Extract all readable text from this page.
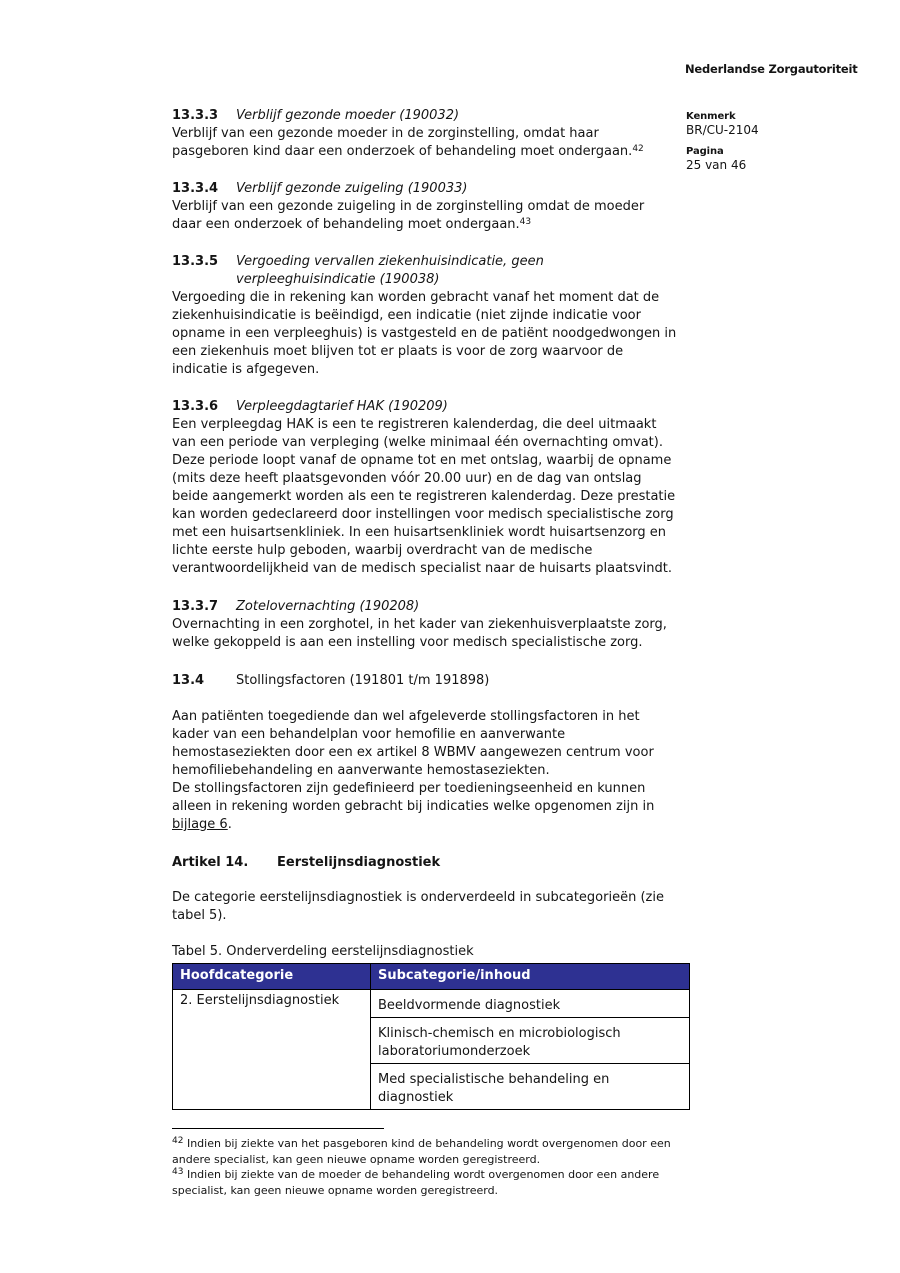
Nederlandse Zorgautoriteit
Kenmerk
BR/CU-2104
Pagina
25 van 46
13.3.3	Verblijf gezonde moeder (190032)

Verblijf van een gezonde moeder in de zorginstelling, omdat haar pasgeboren kind daar een onderzoek of behandeling moet ondergaan.$^{42}$

13.3.4	Verblijf gezonde zuigeling (190033)

Verblijf van een gezonde zuigeling in de zorginstelling omdat de moeder daar een onderzoek of behandeling moet ondergaan.$^{43}$

13.3.5	Vergoeding vervallen ziekenhuisindicatie, geen verpleeghuisindicatie (190038)

Vergoeding die in rekening kan worden gebracht vanaf het moment dat de ziekenhuisindicatie is beëindigd, een indicatie (niet zijnde indicatie voor opname in een verpleeghuis) is vastgesteld en de patiënt noodgedwongen in een ziekenhuis moet blijven tot er plaats is voor de zorg waarvoor de indicatie is afgegeven.

13.3.6	Verpleegdagtarief HAK (190209)

Een verpleegdag HAK is een te registreren kalenderdag, die deel uitmaakt van een periode van verpleging (welke minimaal één overnachting omvat). Deze periode loopt vanaf de opname tot en met ontslag, waarbij de opname (mits deze heeft plaatsgevonden vóór 20.00 uur) en de dag van ontslag beide aangemerkt worden als een te registreren kalenderdag. Deze prestatie kan worden gedeclareerd door instellingen voor medisch specialistische zorg met een huisartsenkliniek. In een huisartsenkliniek wordt huisartsenzorg en lichte eerste hulp geboden, waarbij overdracht van de medische verantwoordelijkheid van de medisch specialist naar de huisarts plaatsvindt.

13.3.7	Zotelovernachting (190208)

Overnachting in een zorghotel, in het kader van ziekenhuisverplaatste zorg, welke gekoppeld is aan een instelling voor medisch specialistische zorg.

13.4	Stollingsfactoren (191801 t/m 191898)

Aan patiënten toegediende dan wel afgeleverde stollingsfactoren in het kader van een behandelplan voor hemofilie en aanverwante hemostaseziekten door een ex artikel 8 WBMV aangewezen centrum voor hemofiliebehandeling en aanverwante hemostaseziekten.

De stollingsfactoren zijn gedefinieerd per toedieningseenheid en kunnen alleen in rekening worden gebracht bij indicaties welke opgenomen zijn in bijlage 6.

Artikel 14.	Eerstelijnsdiagnostiek

De categorie eerstelijnsdiagnostiek is onderverdeeld in subcategorieën (zie tabel 5).

Tabel 5. Onderverdeling eerstelijnsdiagnostiek
Hoofdcategorie	Subcategorie/inhoud
2. Eerstelijnsdiagnostiek	Beeldvormende diagnostiek
	Klinisch-chemisch en microbiologisch laboratoriumonderzoek
	Med specialistische behandeling en diagnostiek

$^{42}$ Indien bij ziekte van het pasgeboren kind de behandeling wordt overgenomen door een andere specialist, kan geen nieuwe opname worden geregistreerd.

$^{43}$ Indien bij ziekte van de moeder de behandeling wordt overgenomen door een andere specialist, kan geen nieuwe opname worden geregistreerd.
